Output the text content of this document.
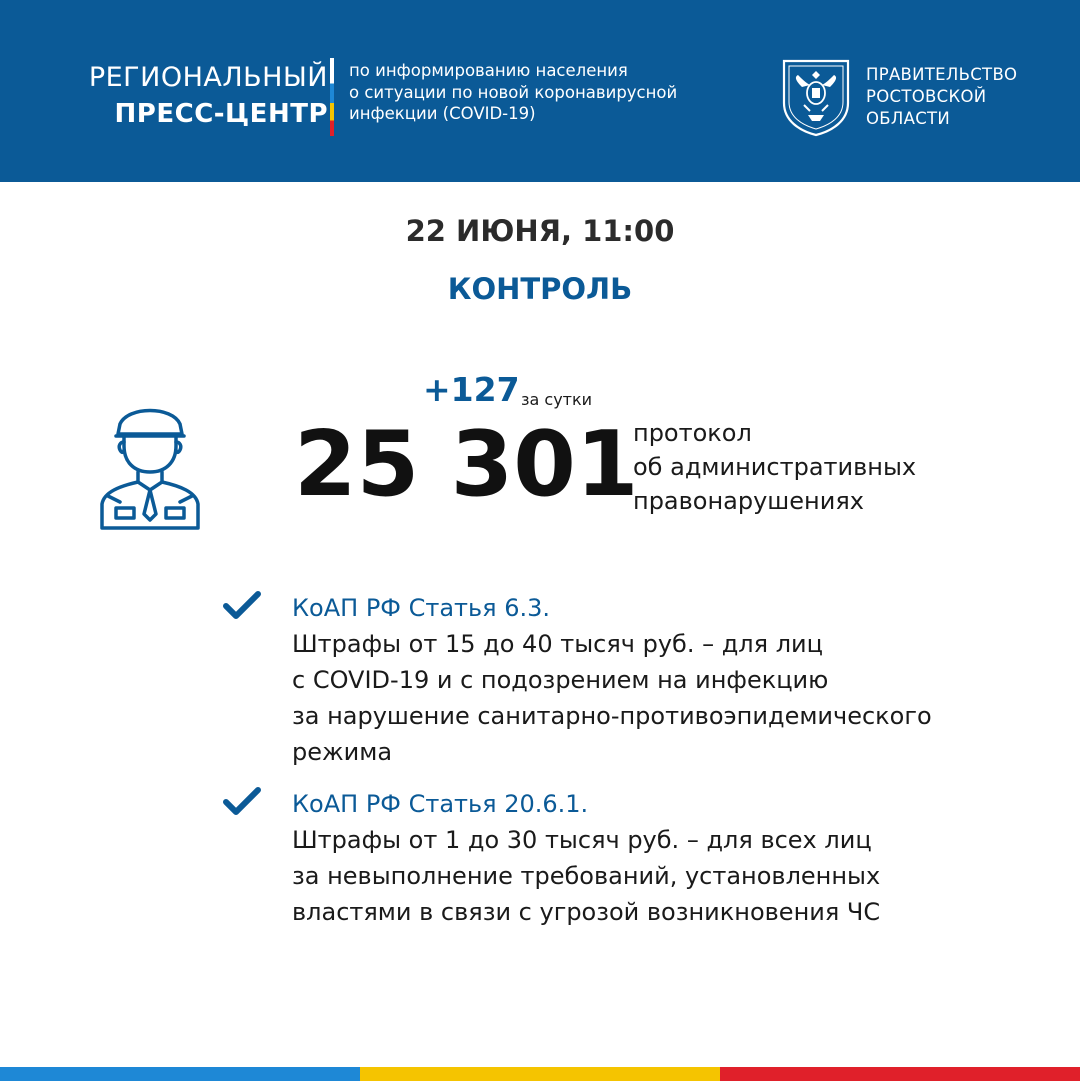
РЕГИОНАЛЬНЫЙ
ПРЕСС-ЦЕНТР
по информированию населения
о ситуации по новой коронавирусной
инфекции (COVID-19)
ПРАВИТЕЛЬСТВО
РОСТОВСКОЙ
ОБЛАСТИ
22 ИЮНЯ, 11:00
КОНТРОЛЬ
+127 за сутки
25 301
протокол
об административных
правонарушениях
КоАП РФ Статья 6.3.
Штрафы от 15 до 40 тысяч руб. – для лиц
с COVID-19 и с подозрением на инфекцию
за нарушение санитарно-противоэпидемического
режима
КоАП РФ Статья 20.6.1.
Штрафы от 1 до 30 тысяч руб. – для всех лиц
за невыполнение требований, установленных
властями в связи с угрозой возникновения ЧС
